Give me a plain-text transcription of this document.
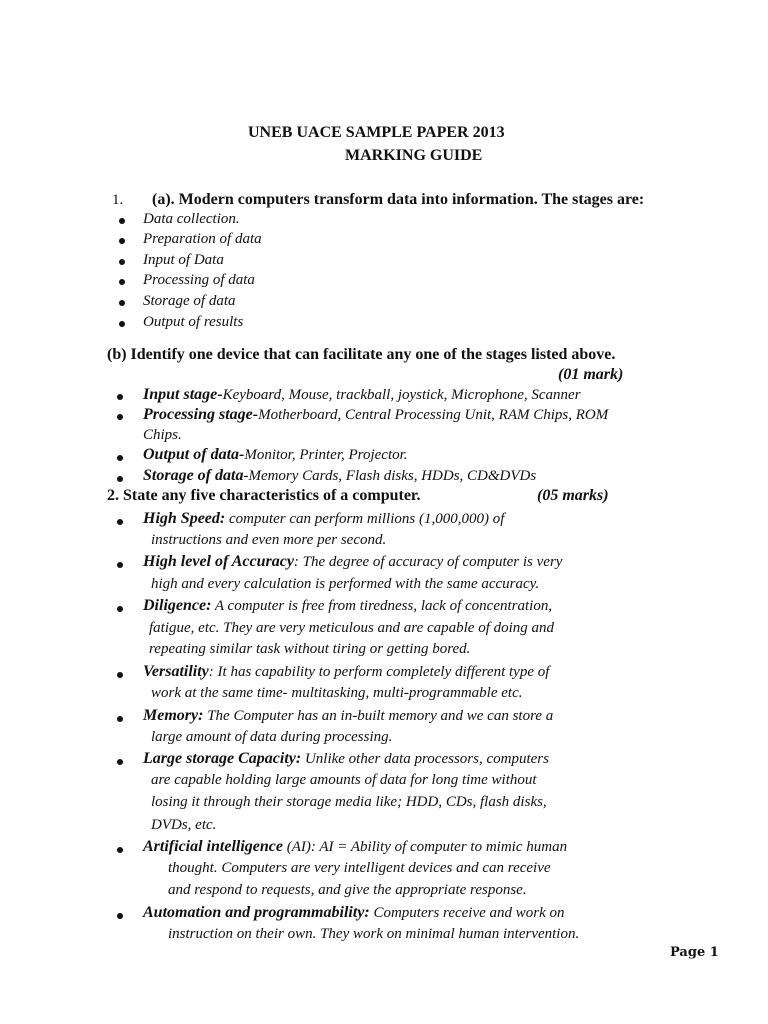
UNEB UACE SAMPLE PAPER 2013
MARKING GUIDE
1. (a). Modern computers transform data into information. The stages are:
Data collection.
Preparation of data
Input of Data
Processing of data
Storage of data
Output of results
(b) Identify one device that can facilitate any one of the stages listed above.
(01 mark)
Input stage-Keyboard, Mouse, trackball, joystick, Microphone, Scanner
Processing stage-Motherboard, Central Processing Unit, RAM Chips, ROM
Chips.
Output of data-Monitor, Printer, Projector.
Storage of data-Memory Cards, Flash disks, HDDs, CD&DVDs
2. State any five characteristics of a computer.	(05 marks)
High Speed: computer can perform millions (1,000,000) of
instructions and even more per second.
High level of Accuracy: The degree of accuracy of computer is very
high and every calculation is performed with the same accuracy.
Diligence: A computer is free from tiredness, lack of concentration,
fatigue, etc. They are very meticulous and are capable of doing and
repeating similar task without tiring or getting bored.
Versatility: It has capability to perform completely different type of
work at the same time- multitasking, multi-programmable etc.
Memory: The Computer has an in-built memory and we can store a
large amount of data during processing.
Large storage Capacity: Unlike other data processors, computers
are capable holding large amounts of data for long time without
losing it through their storage media like; HDD, CDs, flash disks,
DVDs, etc.
Artificial intelligence (AI): AI = Ability of computer to mimic human
thought. Computers are very intelligent devices and can receive
and respond to requests, and give the appropriate response.
Automation and programmability: Computers receive and work on
instruction on their own. They work on minimal human intervention.
Page 1
